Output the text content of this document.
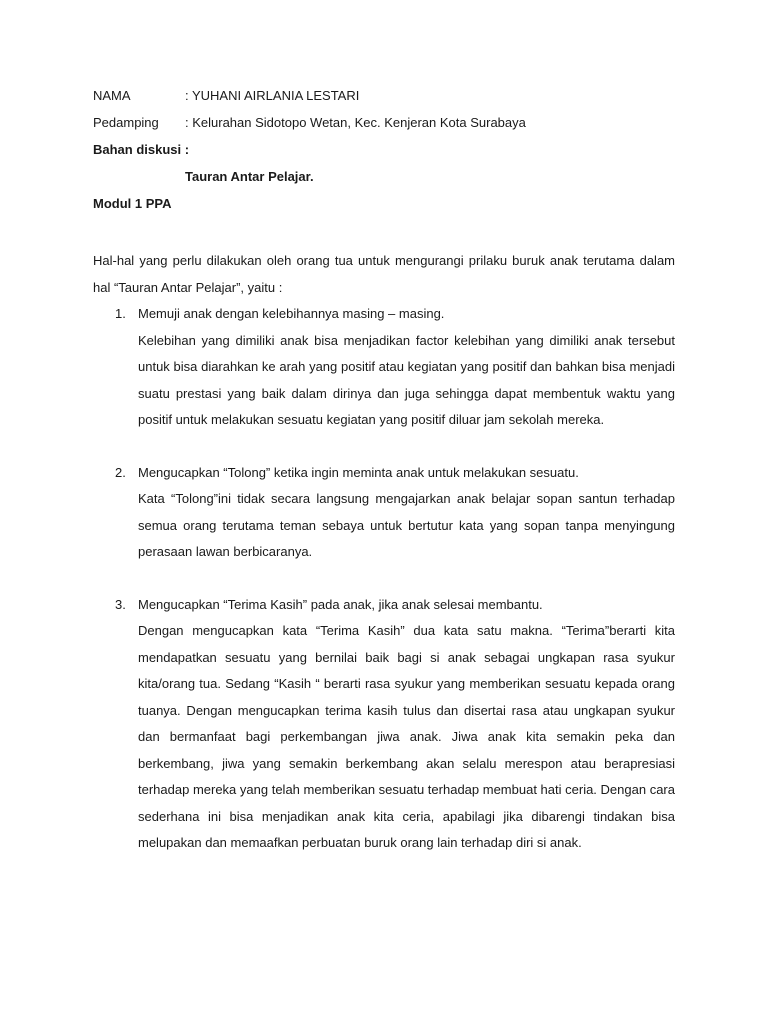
NAMA	: YUHANI AIRLANIA LESTARI
Pedamping	: Kelurahan Sidotopo Wetan, Kec. Kenjeran Kota Surabaya
Bahan diskusi :
Tauran Antar Pelajar.
Modul 1 PPA
Hal-hal yang perlu dilakukan oleh orang tua untuk mengurangi prilaku buruk anak terutama dalam hal “Tauran Antar Pelajar”, yaitu :
1. Memuji anak dengan kelebihannya masing – masing.
Kelebihan yang dimiliki anak bisa menjadikan factor kelebihan yang dimiliki anak tersebut untuk bisa diarahkan ke arah yang positif atau kegiatan yang positif dan bahkan bisa menjadi suatu prestasi yang baik dalam dirinya dan juga sehingga dapat membentuk waktu yang positif untuk melakukan sesuatu kegiatan yang positif diluar jam sekolah mereka.
2. Mengucapkan “Tolong” ketika ingin meminta anak untuk melakukan sesuatu.
Kata “Tolong”ini tidak secara langsung mengajarkan anak belajar sopan santun terhadap semua orang terutama teman sebaya untuk bertutur kata yang sopan tanpa menyingung perasaan lawan berbicaranya.
3. Mengucapkan “Terima Kasih” pada anak, jika anak selesai membantu.
Dengan mengucapkan kata “Terima Kasih” dua kata satu makna. “Terima”berarti kita mendapatkan sesuatu yang bernilai baik bagi si anak sebagai ungkapan rasa syukur kita/orang tua. Sedang “Kasih “ berarti rasa syukur yang memberikan sesuatu kepada orang tuanya. Dengan mengucapkan terima kasih tulus dan disertai rasa atau ungkapan syukur dan bermanfaat bagi perkembangan jiwa anak. Jiwa anak kita semakin peka dan berkembang, jiwa yang semakin berkembang akan selalu merespon atau berapresiasi terhadap mereka yang telah memberikan sesuatu terhadap membuat hati ceria. Dengan cara sederhana ini bisa menjadikan anak kita ceria, apabilagi jika dibarengi tindakan bisa melupakan dan memaafkan perbuatan buruk orang lain terhadap diri si anak.
